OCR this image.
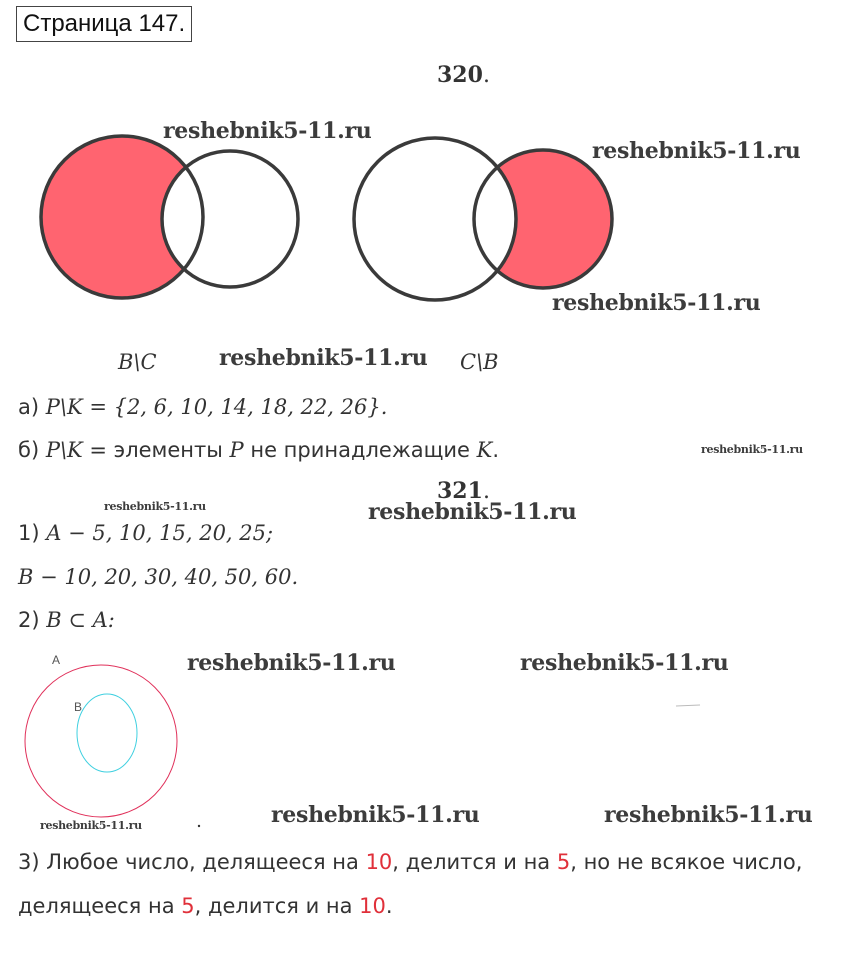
Страница 147.
320.
B\C	C\B
а) P\K = {2, 6, 10, 14, 18, 22, 26}.
б) P\K = элементы P не принадлежащие K.
321.
1) A − 5, 10, 15, 20, 25;
B − 10, 20, 30, 40, 50, 60.
2) B ⊂ A:
A
B
3) Любое число, делящееся на 10, делится и на 5, но не всякое число,
делящееся на 5, делится и на 10.
reshebnik5-11.ru
reshebnik5-11.ru
reshebnik5-11.ru
reshebnik5-11.ru
reshebnik5-11.ru
reshebnik5-11.ru	reshebnik5-11.ru
reshebnik5-11.ru	reshebnik5-11.ru
reshebnik5-11.ru	reshebnik5-11.ru	reshebnik5-11.ru
